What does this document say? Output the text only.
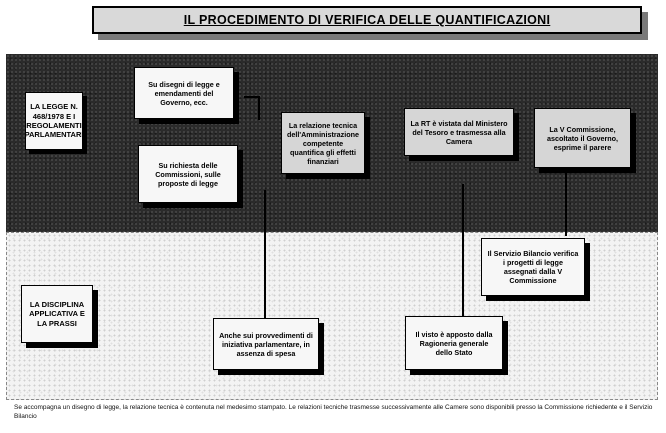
IL PROCEDIMENTO DI VERIFICA DELLE QUANTIFICAZIONI
LA LEGGE N. 468/1978 E I REGOLAMENTI PARLAMENTARI
Su disegni di legge e emendamenti del Governo, ecc.
Su richiesta delle Commissioni, sulle proposte di legge
La relazione tecnica dell'Amministrazione competente quantifica gli effetti finanziari
La RT è vistata dal Ministero del Tesoro e trasmessa alla Camera
La V Commissione, ascoltato il Governo, esprime il parere
Il Servizio Bilancio verifica i progetti di legge assegnati dalla V Commissione
LA DISCIPLINA APPLICATIVA E LA PRASSI
Anche sui provvedimenti di iniziativa parlamentare, in assenza di spesa
Il visto è apposto dalla Ragioneria generale dello Stato
Se accompagna un disegno di legge, la relazione tecnica è contenuta nel medesimo stampato. Le relazioni tecniche trasmesse successivamente alle Camere sono disponibili presso la Commissione richiedente e il Servizio Bilancio
